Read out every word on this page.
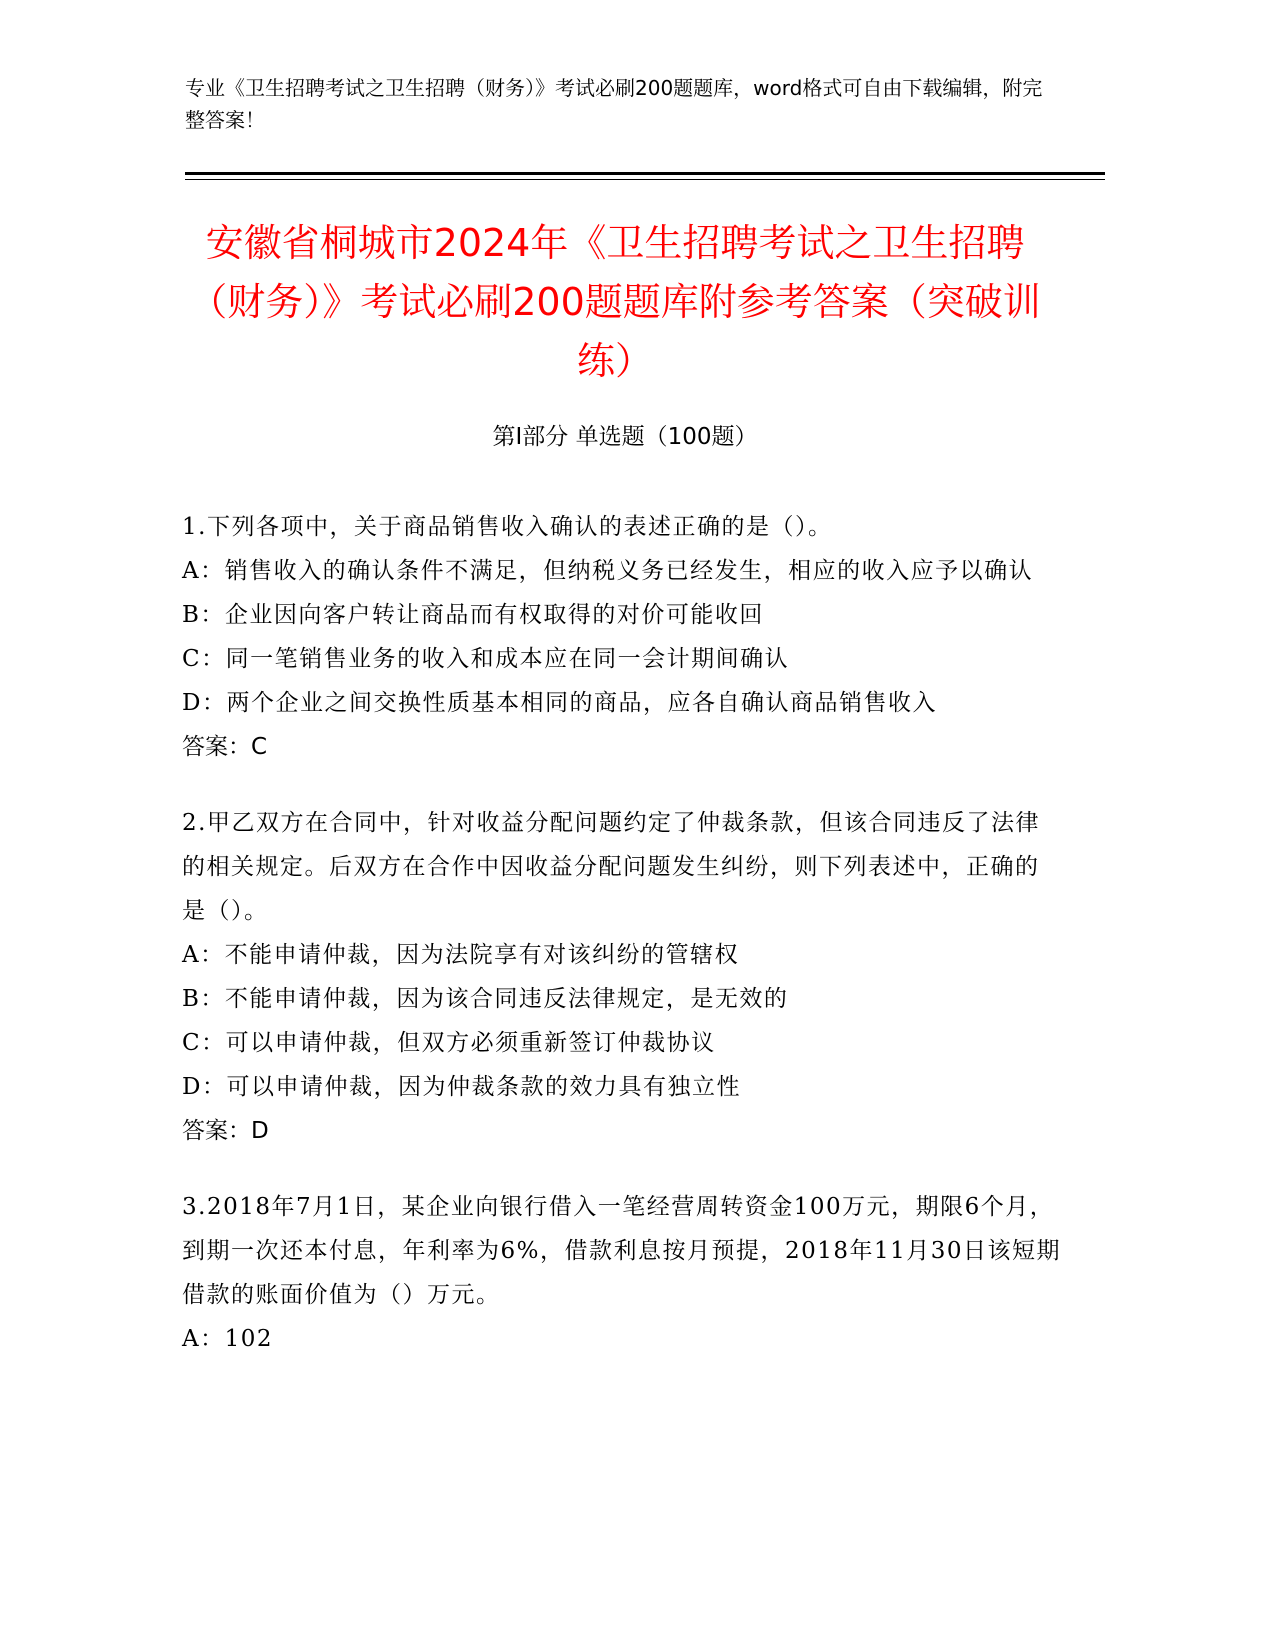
专业《卫生招聘考试之卫生招聘（财务）》考试必刷200题题库，word格式可自由下载编辑，附完整答案！
安徽省桐城市2024年《卫生招聘考试之卫生招聘（财务）》考试必刷200题题库附参考答案（突破训练）
第Ⅰ部分 单选题（100题）
1.下列各项中，关于商品销售收入确认的表述正确的是（）。
A：销售收入的确认条件不满足，但纳税义务已经发生，相应的收入应予以确认
B：企业因向客户转让商品而有权取得的对价可能收回
C：同一笔销售业务的收入和成本应在同一会计期间确认
D：两个企业之间交换性质基本相同的商品，应各自确认商品销售收入
答案：C
2.甲乙双方在合同中，针对收益分配问题约定了仲裁条款，但该合同违反了法律的相关规定。后双方在合作中因收益分配问题发生纠纷，则下列表述中，正确的是（）。
A：不能申请仲裁，因为法院享有对该纠纷的管辖权
B：不能申请仲裁，因为该合同违反法律规定，是无效的
C：可以申请仲裁，但双方必须重新签订仲裁协议
D：可以申请仲裁，因为仲裁条款的效力具有独立性
答案：D
3.2018年7月1日，某企业向银行借入一笔经营周转资金100万元，期限6个月，到期一次还本付息，年利率为6%，借款利息按月预提，2018年11月30日该短期借款的账面价值为（）万元。
A：102
